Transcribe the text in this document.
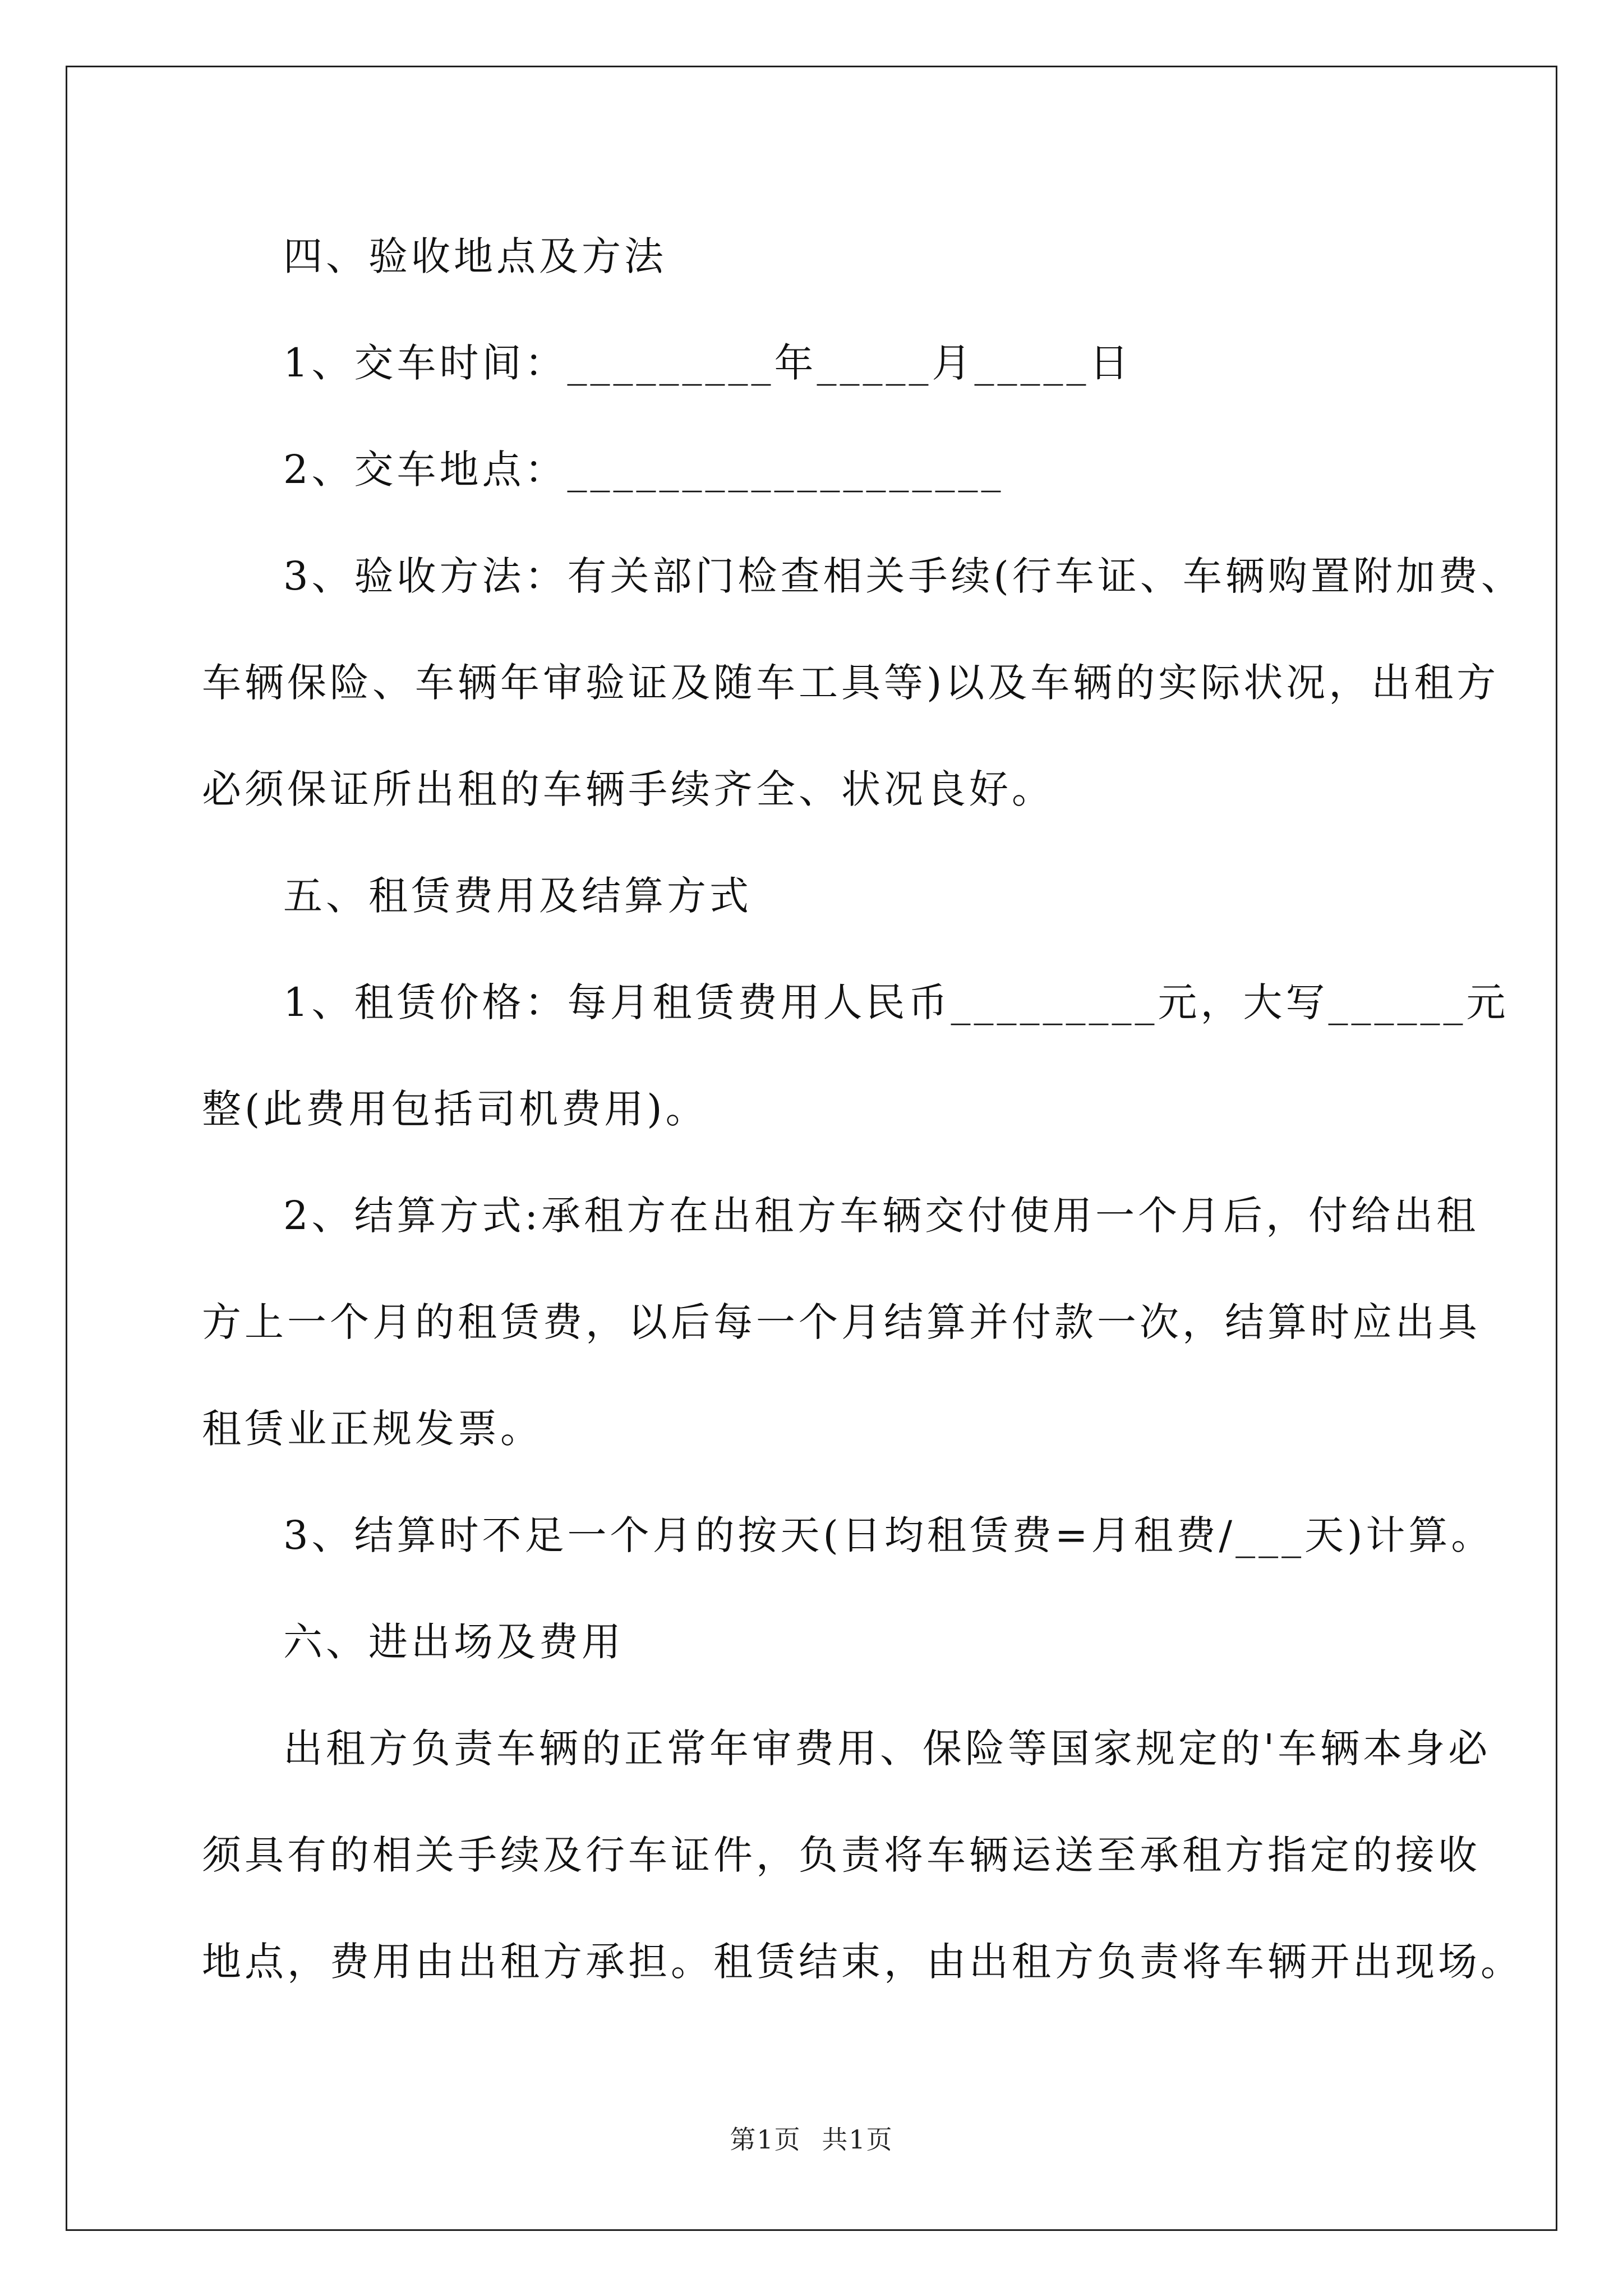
四、验收地点及方法
1、交车时间：_________年_____月_____日
2、交车地点：___________________
3、验收方法：有关部门检查相关手续(行车证、车辆购置附加费、
车辆保险、车辆年审验证及随车工具等)以及车辆的实际状况，出租方
必须保证所出租的车辆手续齐全、状况良好。
五、租赁费用及结算方式
1、租赁价格：每月租赁费用人民币_________元，大写______元
整(此费用包括司机费用)。
2、结算方式:承租方在出租方车辆交付使用一个月后，付给出租
方上一个月的租赁费，以后每一个月结算并付款一次，结算时应出具
租赁业正规发票。
3、结算时不足一个月的按天(日均租赁费=月租费/___天)计算。
六、进出场及费用
出租方负责车辆的正常年审费用、保险等国家规定的'车辆本身必
须具有的相关手续及行车证件，负责将车辆运送至承租方指定的接收
地点，费用由出租方承担。租赁结束，由出租方负责将车辆开出现场。
第1页 共1页
